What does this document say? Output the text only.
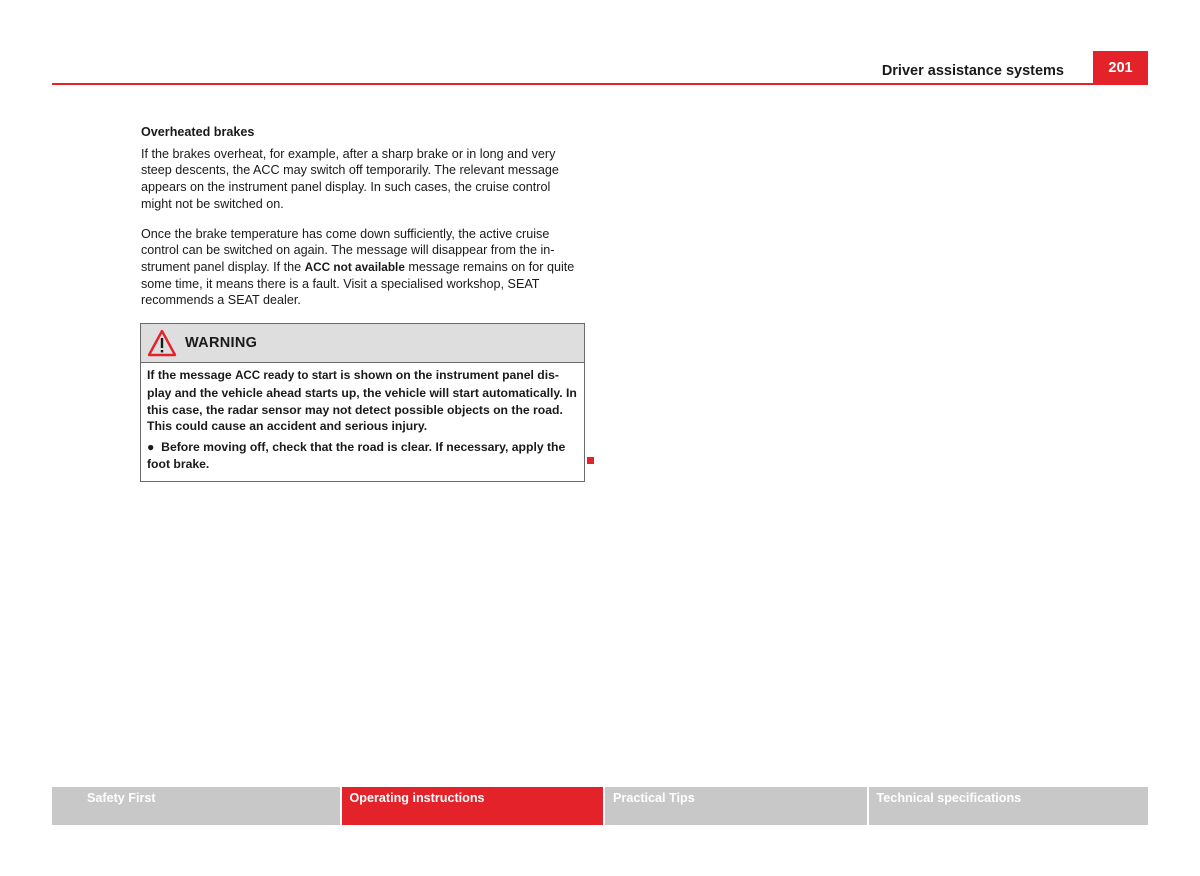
Driver assistance systems	201
Overheated brakes

If the brakes overheat, for example, after a sharp brake or in long and very steep descents, the ACC may switch off temporarily. The relevant message appears on the instrument panel display. In such cases, the cruise control might not be switched on.

Once the brake temperature has come down sufficiently, the active cruise control can be switched on again. The message will disappear from the in-strument panel display. If the ACC not available message remains on for quite some time, it means there is a fault. Visit a specialised workshop, SEAT recommends a SEAT dealer.

WARNING

If the message ACC ready to start is shown on the instrument panel dis-play and the vehicle ahead starts up, the vehicle will start automatically. In this case, the radar sensor may not detect possible objects on the road. This could cause an accident and serious injury.

● Before moving off, check that the road is clear. If necessary, apply the foot brake.

Safety First	Operating instructions	Practical Tips	Technical specifications
